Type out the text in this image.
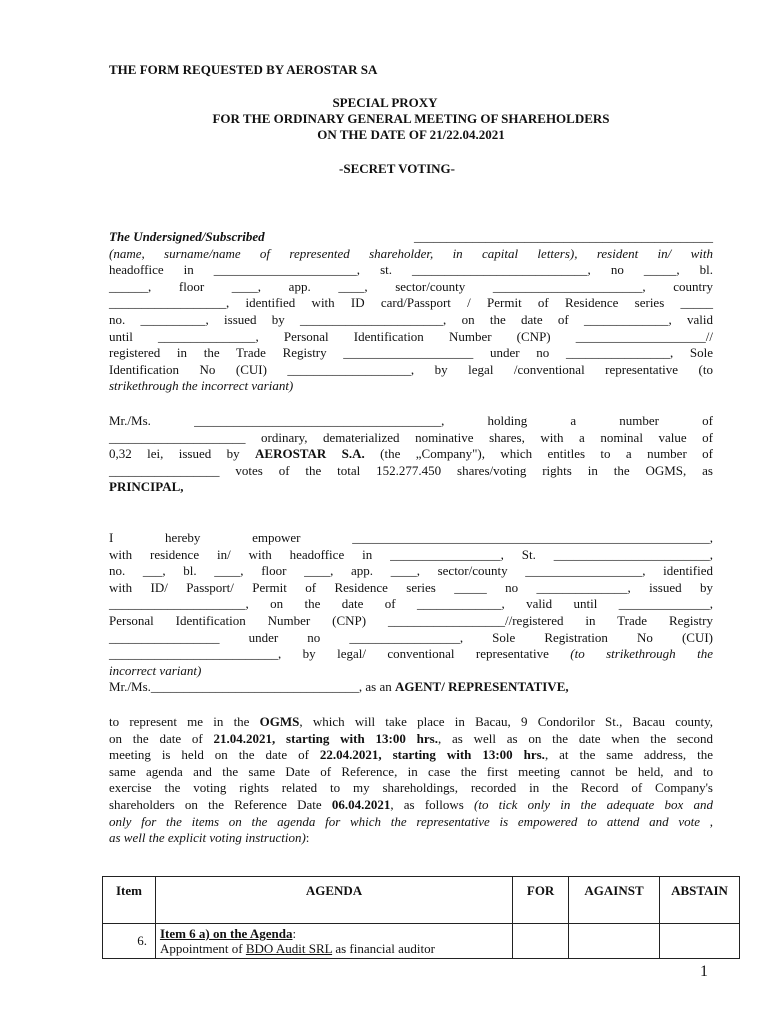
THE FORM REQUESTED BY AEROSTAR SA
SPECIAL PROXY
FOR THE ORDINARY GENERAL MEETING OF SHAREHOLDERS
ON THE DATE OF 21/22.04.2021
-SECRET VOTING-
The Undersigned/Subscribed	______________________________________________
(name, surname/name of represented shareholder, in capital letters), resident in/ with
headoffice in ______________________, st. ___________________________, no _____, bl.
______, floor ____, app. ____, sector/county _______________________, country
__________________, identified with ID card/Passport / Permit of Residence series _____
no. __________, issued by ______________________, on the date of _____________, valid
until _______________, Personal Identification Number (CNP) ____________________//
registered in the Trade Registry ____________________ under no ________________, Sole
Identification No (CUI) ___________________, by legal /conventional representative (to
strikethrough the incorrect variant)
Mr./Ms. ______________________________________, holding a number of
_____________________ ordinary, dematerialized nominative shares, with a nominal value of
0,32 lei, issued by AEROSTAR S.A. (the „Company"), which entitles to a number of
_________________ votes of the total 152.277.450 shares/voting rights in the OGMS, as
PRINCIPAL,
I hereby empower _______________________________________________________,
with residence in/ with headoffice in _________________, St. ________________________,
no. ___, bl. ____, floor ____, app. ____, sector/county __________________, identified
with ID/ Passport/ Permit of Residence series _____ no ______________, issued by
_____________________, on the date of _____________, valid until ______________,
Personal Identification Number (CNP) __________________//registered in Trade Registry
_________________ under no _________________, Sole Registration No (CUI)
__________________________, by legal/ conventional representative (to strikethrough the
incorrect variant)
Mr./Ms.________________________________, as an AGENT/ REPRESENTATIVE,
to represent me in the OGMS, which will take place in Bacau, 9 Condorilor St., Bacau county,
on the date of 21.04.2021, starting with 13:00 hrs., as well as on the date when the second
meeting is held on the date of 22.04.2021, starting with 13:00 hrs., at the same address, the
same agenda and the same Date of Reference, in case the first meeting cannot be held, and to
exercise the voting rights related to my shareholdings, recorded in the Record of Company's
shareholders on the Reference Date 06.04.2021, as follows (to tick only in the adequate box and
only for the items on the agenda for which the representative is empowered to attend and vote ,
as well the explicit voting instruction):
Item	AGENDA	FOR	AGAINST	ABSTAIN
6.	Item 6 a) on the Agenda:
Appointment of BDO Audit SRL as financial auditor			

1
